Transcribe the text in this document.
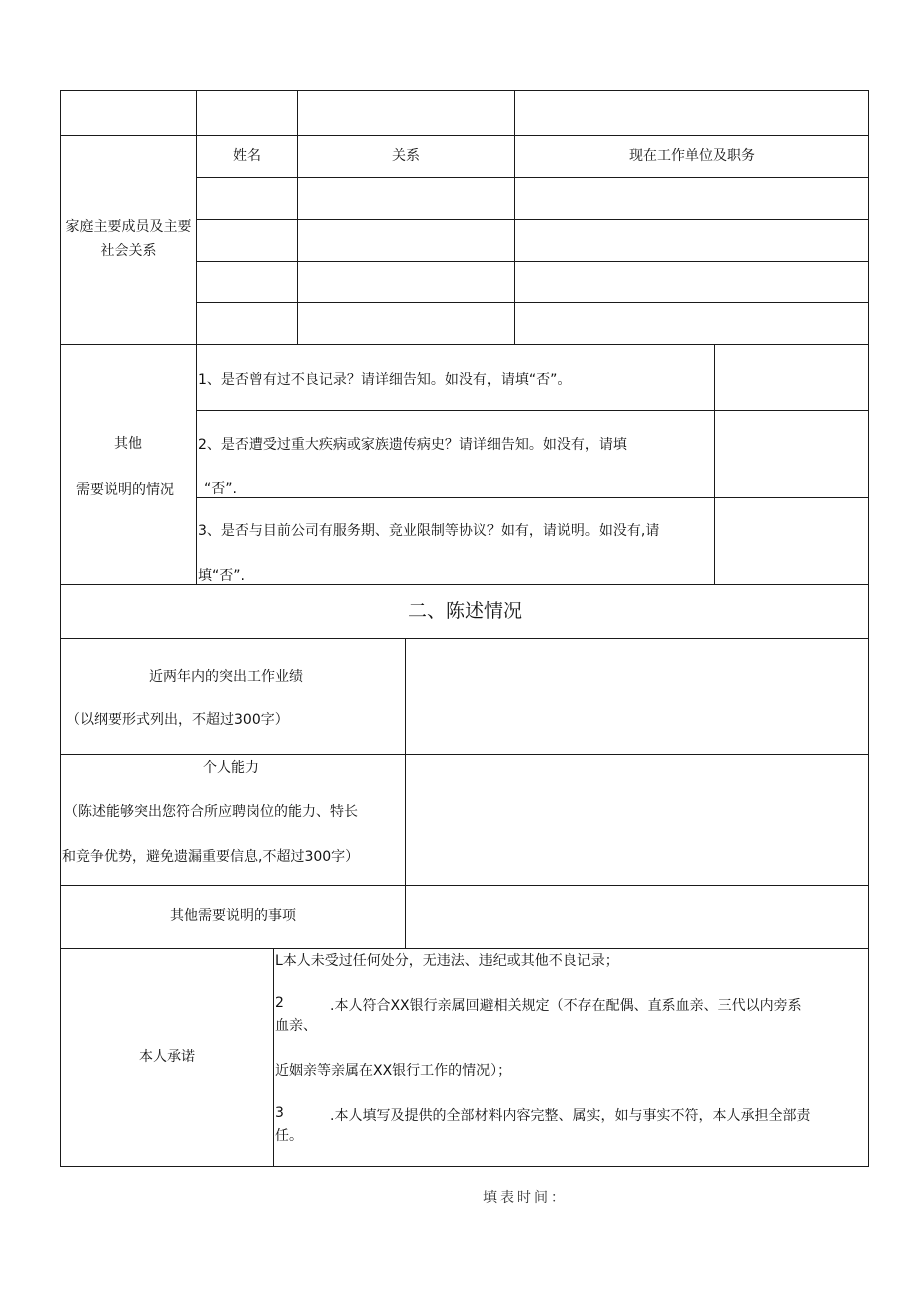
家庭主要成员及主要社会关系
姓名	关系	现在工作单位及职务
其他
需要说明的情况
1、是否曾有过不良记录？请详细告知。如没有，请填“否”。
2、是否遭受过重大疾病或家族遗传病史？请详细告知。如没有，请填
“否”.
3、是否与目前公司有服务期、竞业限制等协议？如有，请说明。如没有,请
填“否”.
二、陈述情况
近两年内的突出工作业绩
（以纲要形式列出，不超过300字）
个人能力
（陈述能够突出您符合所应聘岗位的能力、特长
和竞争优势，避免遗漏重要信息,不超过300字）
其他需要说明的事项
本人承诺
L本人未受过任何处分，无违法、违纪或其他不良记录；
2	.本人符合XX银行亲属回避相关规定（不存在配偶、直系血亲、三代以内旁系
血亲、
近姻亲等亲属在XX银行工作的情况）；
3	.本人填写及提供的全部材料内容完整、属实，如与事实不符，本人承担全部责
任。
填表时间：
